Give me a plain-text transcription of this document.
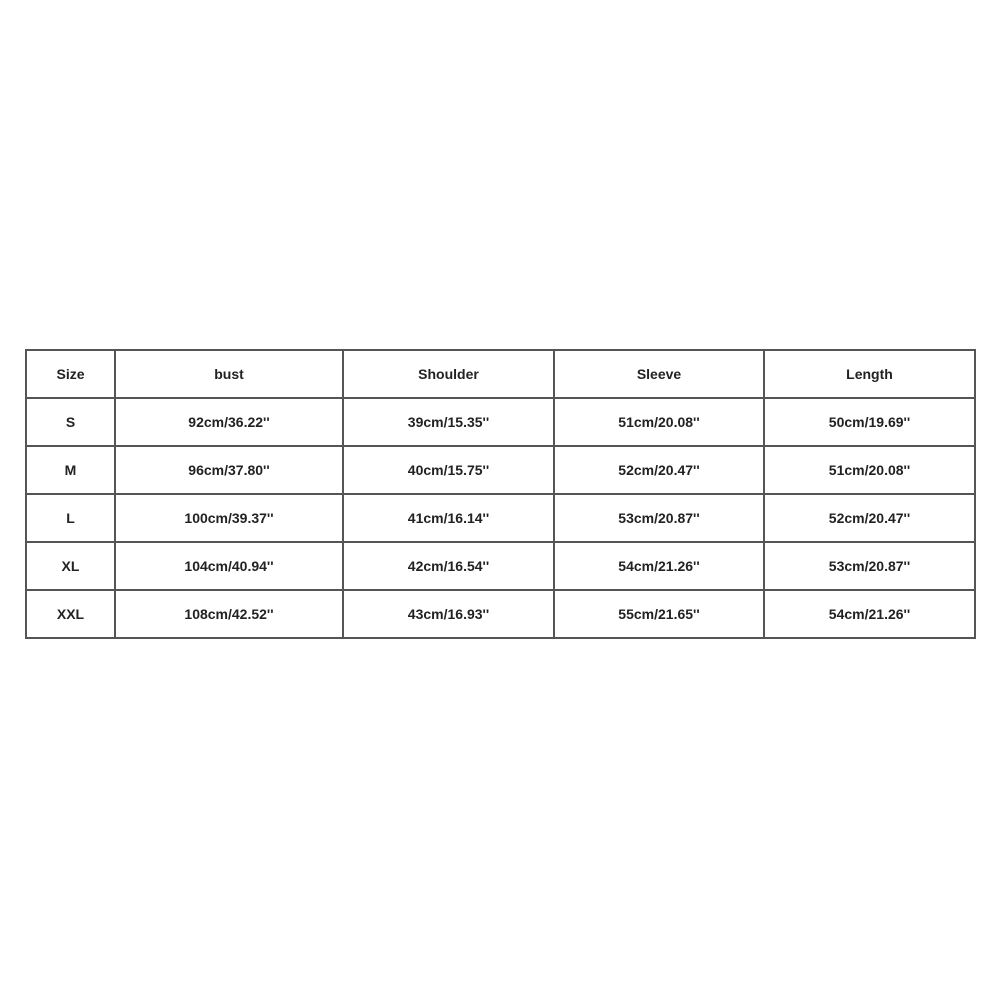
Size	bust	Shoulder	Sleeve	Length
S	92cm/36.22''	39cm/15.35''	51cm/20.08''	50cm/19.69''
M	96cm/37.80''	40cm/15.75''	52cm/20.47''	51cm/20.08''
L	100cm/39.37''	41cm/16.14''	53cm/20.87''	52cm/20.47''
XL	104cm/40.94''	42cm/16.54''	54cm/21.26''	53cm/20.87''
XXL	108cm/42.52''	43cm/16.93''	55cm/21.65''	54cm/21.26''
